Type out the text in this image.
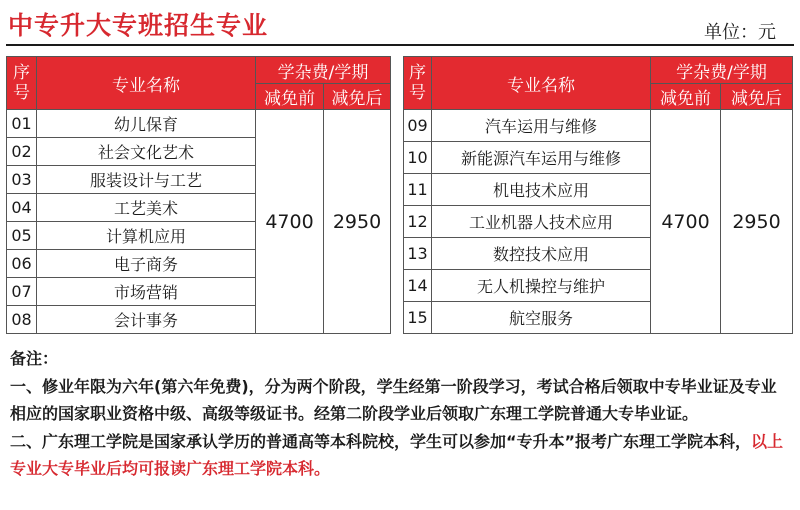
中专升大专班招生专业	单位：元
序
号	专业名称	学杂费/学期	
		减免前	减免后
01	幼儿保育	4700	2950
02	社会文化艺术		
03	服装设计与工艺		
04	工艺美术		
05	计算机应用		
06	电子商务		
07	市场营销		
08	会计事务		
序
号	专业名称	学杂费/学期	
		减免前	减免后
09	汽车运用与维修	4700	2950
10	新能源汽车运用与维修		
11	机电技术应用		
12	工业机器人技术应用		
13	数控技术应用		
14	无人机操控与维护		
15	航空服务		
备注：
一、修业年限为六年(第六年免费)，分为两个阶段，学生经第一阶段学习，考试合格后领取中专毕业证及专业相应的国家职业资格中级、高级等级证书。经第二阶段学业后领取广东理工学院普通大专毕业证。
二、广东理工学院是国家承认学历的普通高等本科院校，学生可以参加“专升本”报考广东理工学院本科，以上专业大专毕业后均可报读广东理工学院本科。
